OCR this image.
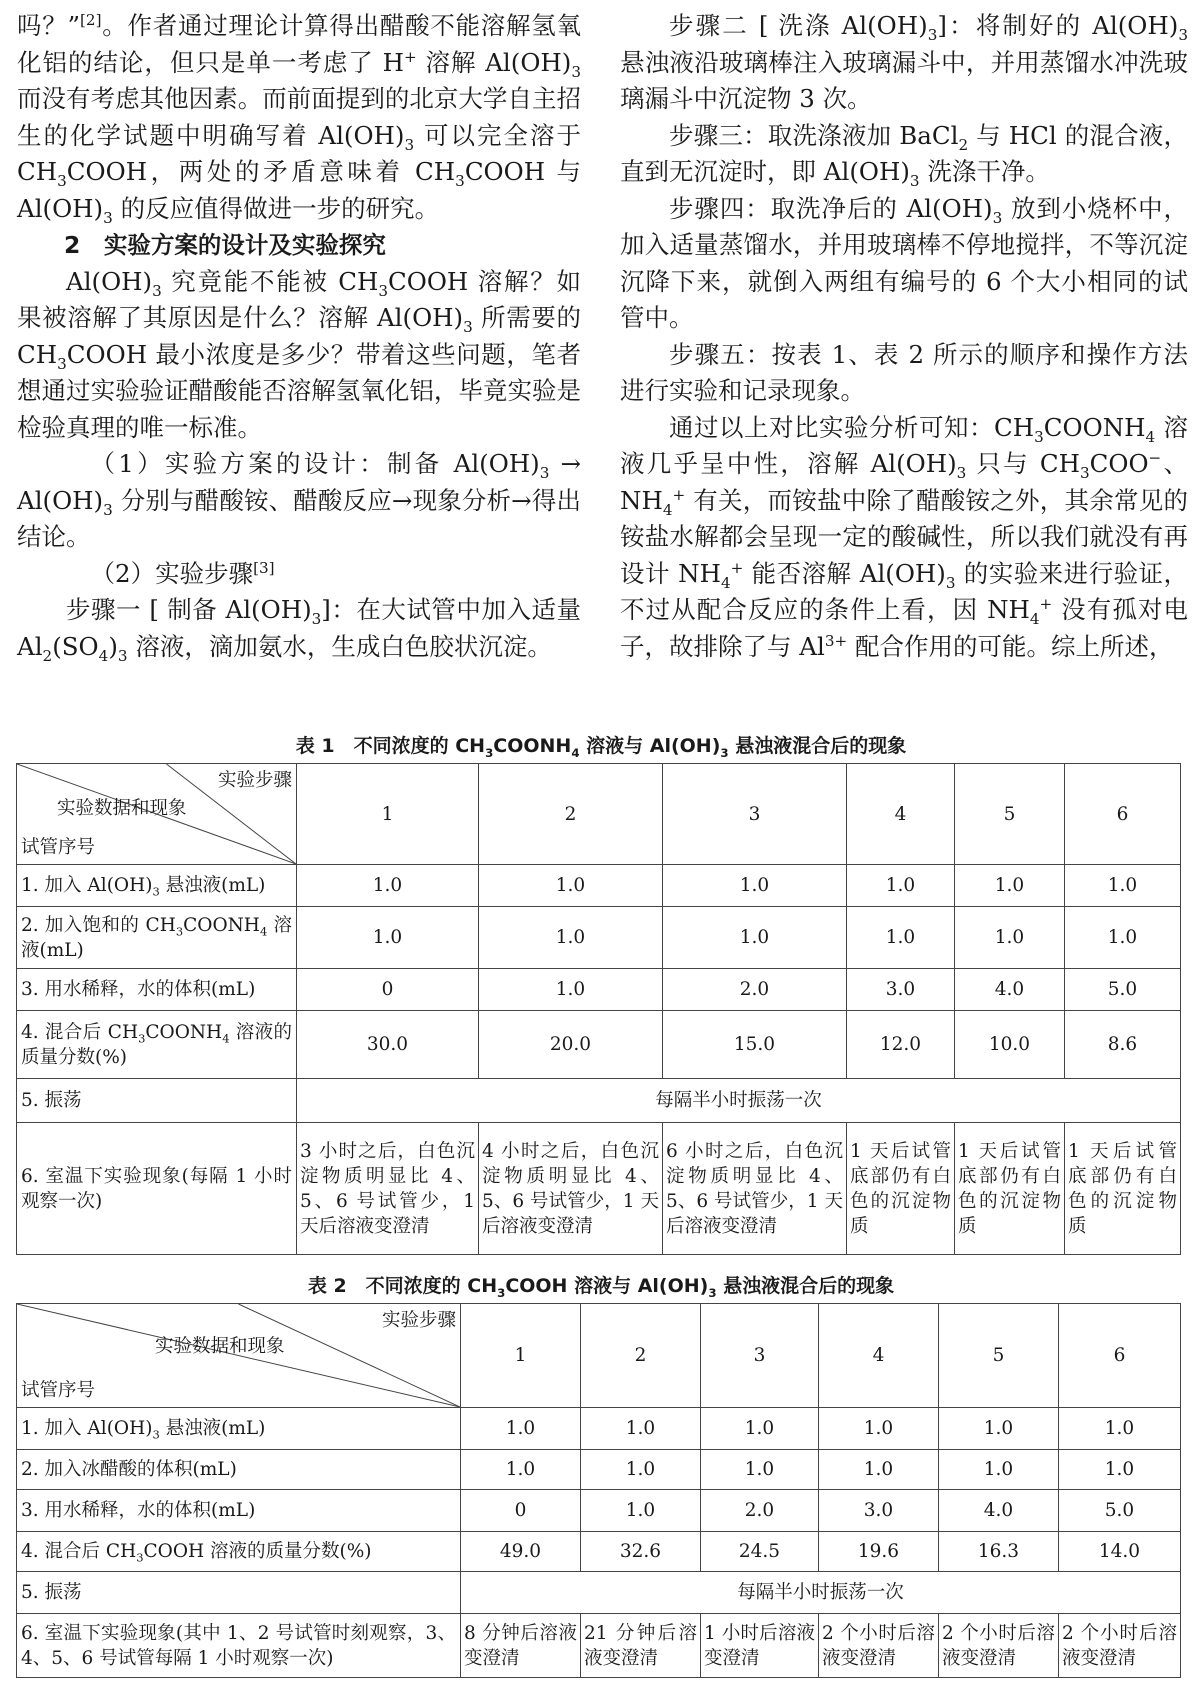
吗？”[2]。作者通过理论计算得出醋酸不能溶解氢氧化铝的结论，但只是单一考虑了 H+ 溶解 $Al(OH)_3$ 而没有考虑其他因素。而前面提到的北京大学自主招生的化学试题中明确写着 $Al(OH)_3$ 可以完全溶于 $CH_3COOH$，两处的矛盾意味着 $CH_3COOH$ 与 $Al(OH)_3$ 的反应值得做进一步的研究。

2　实验方案的设计及实验探究

$Al(OH)_3$ 究竟能不能被 $CH_3COOH$ 溶解？如果被溶解了其原因是什么？溶解 $Al(OH)_3$ 所需要的 $CH_3COOH$ 最小浓度是多少？带着这些问题，笔者想通过实验验证醋酸能否溶解氢氧化铝，毕竟实验是检验真理的唯一标准。

（1）实验方案的设计：制备 $Al(OH)_3 \to Al(OH)_3$ 分别与醋酸铵、醋酸反应→现象分析→得出结论。

（2）实验步骤[3]

步骤一 [ 制备 $Al(OH)_3$]：在大试管中加入适量 $Al_2(SO_4)_3$ 溶液，滴加氨水，生成白色胶状沉淀。

步骤二 [ 洗涤 $Al(OH)_3$]：将制好的 $Al(OH)_3$ 悬浊液沿玻璃棒注入玻璃漏斗中，并用蒸馏水冲洗玻璃漏斗中沉淀物 3 次。

步骤三：取洗涤液加 BaCl$_2$ 与 HCl 的混合液，直到无沉淀时，即 $Al(OH)_3$ 洗涤干净。

步骤四：取洗净后的 $Al(OH)_3$ 放到小烧杯中，加入适量蒸馏水，并用玻璃棒不停地搅拌，不等沉淀沉降下来，就倒入两组有编号的 6 个大小相同的试管中。

步骤五：按表 1、表 2 所示的顺序和操作方法进行实验和记录现象。

通过以上对比实验分析可知：$CH_3COONH_4$ 溶液几乎呈中性，溶解 $Al(OH)_3$ 只与 $CH_3COO^-$、$NH_4^+$ 有关，而铵盐中除了醋酸铵之外，其余常见的铵盐水解都会呈现一定的酸碱性，所以我们就没有再设计 $NH_4^+$ 能否溶解 $Al(OH)_3$ 的实验来进行验证，不过从配合反应的条件上看，因 $NH_4^+$ 没有孤对电子，故排除了与 $Al^{3+}$ 配合作用的可能。综上所述，

表 1　不同浓度的 $CH_3COONH_4$ 溶液与 $Al(OH)_3$ 悬浊液混合后的现象
实验步骤
实验数据和现象
试管序号	1	2	3	4	5	6
1. 加入 $Al(OH)_3$ 悬浊液(mL)	1.0	1.0	1.0	1.0	1.0	1.0
2. 加入饱和的 $CH_3COONH_4$ 溶液(mL)	1.0	1.0	1.0	1.0	1.0	1.0
3. 用水稀释，水的体积(mL)	0	1.0	2.0	3.0	4.0	5.0
4. 混合后 $CH_3COONH_4$ 溶液的质量分数(%)	30.0	20.0	15.0	12.0	10.0	8.6
5. 振荡	每隔半小时振荡一次					
6. 室温下实验现象(每隔 1 小时观察一次)	3 小时之后，白色沉淀物质明显比 4、5、6 号试管少，1 天后溶液变澄清	4 小时之后，白色沉淀物质明显比 4、5、6 号试管少，1 天后溶液变澄清	6 小时之后，白色沉淀物质明显比 4、5、6 号试管少，1 天后溶液变澄清	1 天后试管底部仍有白色的沉淀物质	1 天后试管底部仍有白色的沉淀物质	1 天后试管底部仍有白色的沉淀物质
表 2　不同浓度的 $CH_3COOH$ 溶液与 $Al(OH)_3$ 悬浊液混合后的现象
实验步骤
实验数据和现象
试管序号	1	2	3	4	5	6
1. 加入 $Al(OH)_3$ 悬浊液(mL)	1.0	1.0	1.0	1.0	1.0	1.0
2. 加入冰醋酸的体积(mL)	1.0	1.0	1.0	1.0	1.0	1.0
3. 用水稀释，水的体积(mL)	0	1.0	2.0	3.0	4.0	5.0
4. 混合后 $CH_3COOH$ 溶液的质量分数(%)	49.0	32.6	24.5	19.6	16.3	14.0
5. 振荡	每隔半小时振荡一次					
6. 室温下实验现象(其中 1、2 号试管时刻观察，3、4、5、6 号试管每隔 1 小时观察一次)	8 分钟后溶液变澄清	21 分钟后溶液变澄清	1 小时后溶液变澄清	2 个小时后溶液变澄清	2 个小时后溶液变澄清	2 个小时后溶液变澄清
